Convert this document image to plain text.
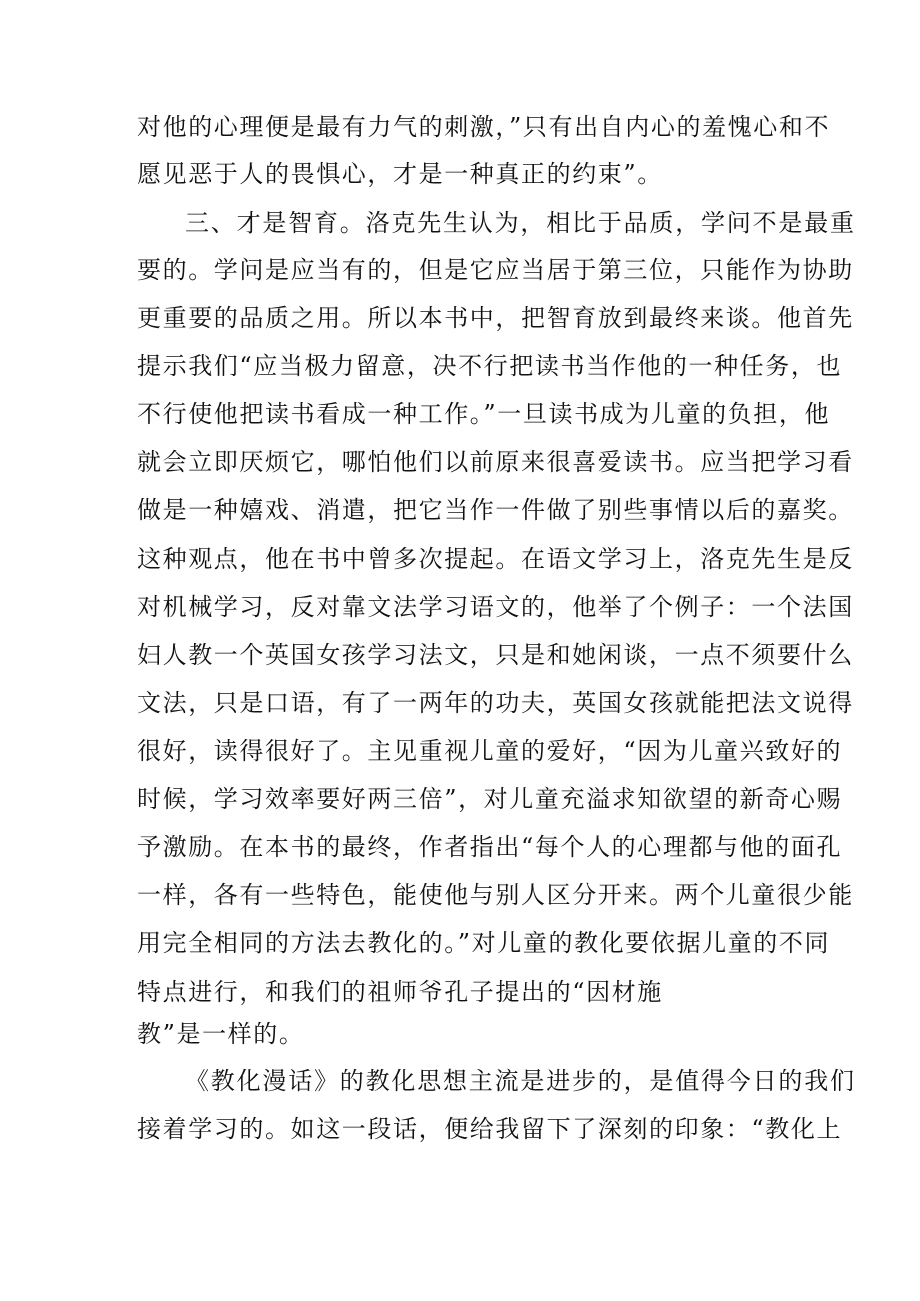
对他的心理便是最有力气的刺激，”只有出自内心的羞愧心和不
愿见恶于人的畏惧心，才是一种真正的约束”。
三、才是智育。洛克先生认为，相比于品质，学问不是最重
要的。学问是应当有的，但是它应当居于第三位，只能作为协助
更重要的品质之用。所以本书中，把智育放到最终来谈。他首先
提示我们“应当极力留意，决不行把读书当作他的一种任务，也
不行使他把读书看成一种工作。”一旦读书成为儿童的负担，他
就会立即厌烦它，哪怕他们以前原来很喜爱读书。应当把学习看
做是一种嬉戏、消遣，把它当作一件做了别些事情以后的嘉奖。
这种观点，他在书中曾多次提起。在语文学习上，洛克先生是反
对机械学习，反对靠文法学习语文的，他举了个例子：一个法国
妇人教一个英国女孩学习法文，只是和她闲谈，一点不须要什么
文法，只是口语，有了一两年的功夫，英国女孩就能把法文说得
很好，读得很好了。主见重视儿童的爱好，“因为儿童兴致好的
时候，学习效率要好两三倍”，对儿童充溢求知欲望的新奇心赐
予激励。在本书的最终，作者指出“每个人的心理都与他的面孔
一样，各有一些特色，能使他与别人区分开来。两个儿童很少能
用完全相同的方法去教化的。”对儿童的教化要依据儿童的不同
特点进行，和我们的祖师爷孔子提出的“因材施
教”是一样的。
《教化漫话》的教化思想主流是进步的，是值得今日的我们
接着学习的。如这一段话，便给我留下了深刻的印象：“教化上
